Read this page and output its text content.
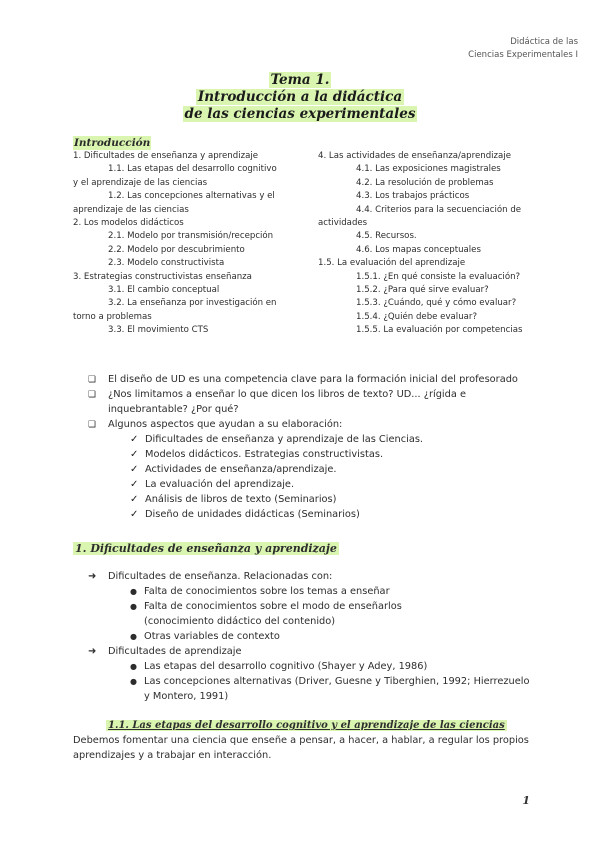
Didáctica de las
Ciencias Experimentales I
Tema 1.
Introducción a la didáctica
de las ciencias experimentales
Introducción
1. Dificultades de enseñanza y aprendizaje
1.1. Las etapas del desarrollo cognitivo
y el aprendizaje de las ciencias
1.2. Las concepciones alternativas y el
aprendizaje de las ciencias
2. Los modelos didácticos
2.1. Modelo por transmisión/recepción
2.2. Modelo por descubrimiento
2.3. Modelo constructivista
3. Estrategias constructivistas enseñanza
3.1. El cambio conceptual
3.2. La enseñanza por investigación en
torno a problemas
3.3. El movimiento CTS
4. Las actividades de enseñanza/aprendizaje
4.1. Las exposiciones magistrales
4.2. La resolución de problemas
4.3. Los trabajos prácticos
4.4. Criterios para la secuenciación de
actividades
4.5. Recursos.
4.6. Los mapas conceptuales
1.5. La evaluación del aprendizaje
1.5.1. ¿En qué consiste la evaluación?
1.5.2. ¿Para qué sirve evaluar?
1.5.3. ¿Cuándo, qué y cómo evaluar?
1.5.4. ¿Quién debe evaluar?
1.5.5. La evaluación por competencias
❏ El diseño de UD es una competencia clave para la formación inicial del profesorado
❏ ¿Nos limitamos a enseñar lo que dicen los libros de texto? UD... ¿rígida e
inquebrantable? ¿Por qué?
❏ Algunos aspectos que ayudan a su elaboración:
✓ Dificultades de enseñanza y aprendizaje de las Ciencias.
✓ Modelos didácticos. Estrategias constructivistas.
✓ Actividades de enseñanza/aprendizaje.
✓ La evaluación del aprendizaje.
✓ Análisis de libros de texto (Seminarios)
✓ Diseño de unidades didácticas (Seminarios)
1. Dificultades de enseñanza y aprendizaje
➜ Dificultades de enseñanza. Relacionadas con:
● Falta de conocimientos sobre los temas a enseñar
● Falta de conocimientos sobre el modo de enseñarlos
(conocimiento didáctico del contenido)
● Otras variables de contexto
➜ Dificultades de aprendizaje
● Las etapas del desarrollo cognitivo (Shayer y Adey, 1986)
● Las concepciones alternativas (Driver, Guesne y Tiberghien, 1992; Hierrezuelo
y Montero, 1991)
1.1. Las etapas del desarrollo cognitivo y el aprendizaje de las ciencias
Debemos fomentar una ciencia que enseñe a pensar, a hacer, a hablar, a regular los propios
aprendizajes y a trabajar en interacción.
1
